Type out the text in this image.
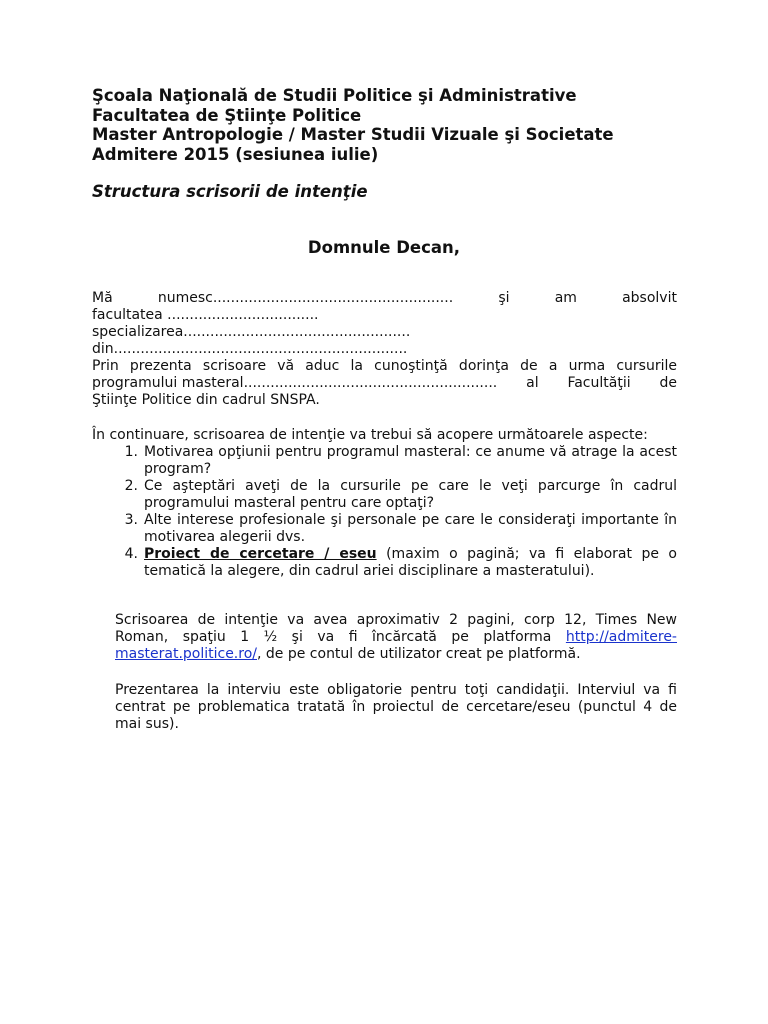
Şcoala Naţională de Studii Politice şi Administrative
Facultatea de Ştiinţe Politice
Master Antropologie / Master Studii Vizuale şi Societate
Admitere 2015 (sesiunea iulie)
Structura scrisorii de intenţie
Domnule Decan,
Mă	numesc......................................................	şi	am	absolvit
facultatea ..................................
specializarea...................................................
din..................................................................
Prin prezenta scrisoare vă aduc la cunoştinţă dorinţa de a urma cursurile
programului masteral......................................................... al Facultăţii de
Ştiinţe Politice din cadrul SNSPA.
În continuare, scrisoarea de intenţie va trebui să acopere următoarele aspecte:
1. Motivarea opţiunii pentru programul masteral: ce anume vă atrage la acest program?
2. Ce aşteptări aveţi de la cursurile pe care le veţi parcurge în cadrul programului masteral pentru care optaţi?
3. Alte interese profesionale şi personale pe care le consideraţi importante în motivarea alegerii dvs.
4. Proiect de cercetare / eseu (maxim o pagină; va fi elaborat pe o tematică la alegere, din cadrul ariei disciplinare a masteratului).
Scrisoarea de intenţie va avea aproximativ 2 pagini, corp 12, Times New Roman, spaţiu 1 ½ şi va fi încărcată pe platforma http://admitere-masterat.politice.ro/, de pe contul de utilizator creat pe platformă.
Prezentarea la interviu este obligatorie pentru toţi candidaţii. Interviul va fi centrat pe problematica tratată în proiectul de cercetare/eseu (punctul 4 de mai sus).
